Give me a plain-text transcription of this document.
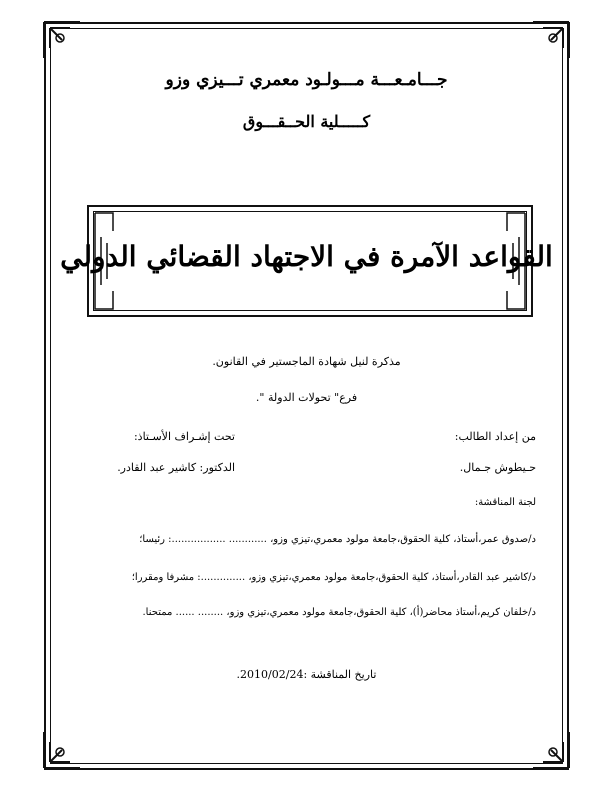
جـــامـعـــة مـــولـود معمري تـــيزي وزو
كـــــلية الحــقـــوق
القواعد الآمرة في الاجتهاد القضائي الدولي
مذكرة لنيل شهادة الماجستير في القانون.
فرع" تحولات الدولة ".
من إعداد الطالب:
تحت إشـراف الأسـتاذ:
حـيطوش جـمال.
الدكتور: كاشير عبد القادر.
لجنة المناقشة:
د/صدوق عمر،أستاذ، كلية الحقوق،جامعة مولود معمري،تيزي وزو، ............ .................: رئيسا؛
د/كاشير عبد القادر،أستاذ، كلية الحقوق،جامعة مولود معمري،تيزي وزو، ..............: مشرفا ومقررا؛
د/خلفان كريم،أستاذ محاضر(أ)، كلية الحقوق،جامعة مولود معمري،تيزي وزو، ........ ...... ممتحنا.
تاريخ المناقشة :2010/02/24.
